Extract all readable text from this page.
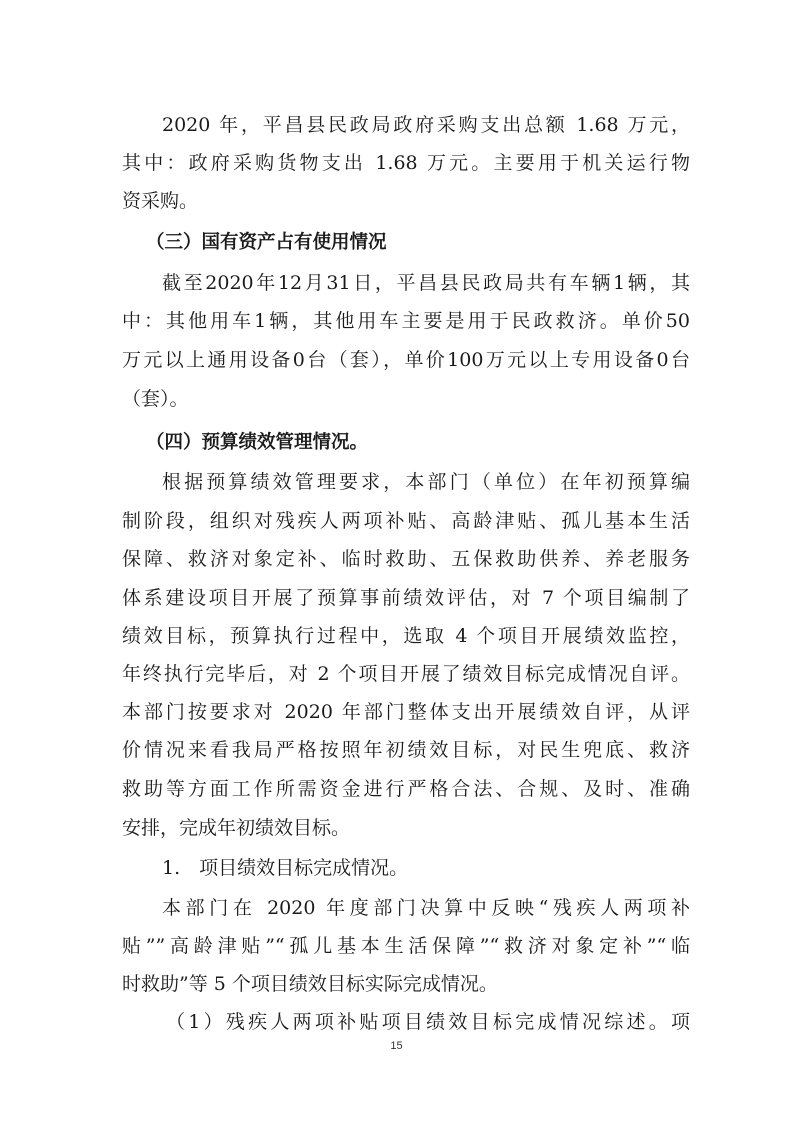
2020 年，平昌县民政局政府采购支出总额 1.68 万元，
其中：政府采购货物支出 1.68 万元。主要用于机关运行物
资采购。
（三）国有资产占有使用情况
截至2020年12月31日，平昌县民政局共有车辆1辆，其
中：其他用车1辆，其他用车主要是用于民政救济。单价50
万元以上通用设备0台（套），单价100万元以上专用设备0台
（套）。
（四）预算绩效管理情况。
根据预算绩效管理要求，本部门（单位）在年初预算编
制阶段，组织对残疾人两项补贴、高龄津贴、孤儿基本生活
保障、救济对象定补、临时救助、五保救助供养、养老服务
体系建设项目开展了预算事前绩效评估，对 7 个项目编制了
绩效目标，预算执行过程中，选取 4 个项目开展绩效监控，
年终执行完毕后，对 2 个项目开展了绩效目标完成情况自评。
本部门按要求对 2020 年部门整体支出开展绩效自评，从评
价情况来看我局严格按照年初绩效目标，对民生兜底、救济
救助等方面工作所需资金进行严格合法、合规、及时、准确
安排，完成年初绩效目标。
1.　项目绩效目标完成情况。
本部门在 2020 年度部门决算中反映“残疾人两项补
贴””高龄津贴”“孤儿基本生活保障”“救济对象定补”“临
时救助”等 5 个项目绩效目标实际完成情况。
（1）残疾人两项补贴项目绩效目标完成情况综述。项
15
